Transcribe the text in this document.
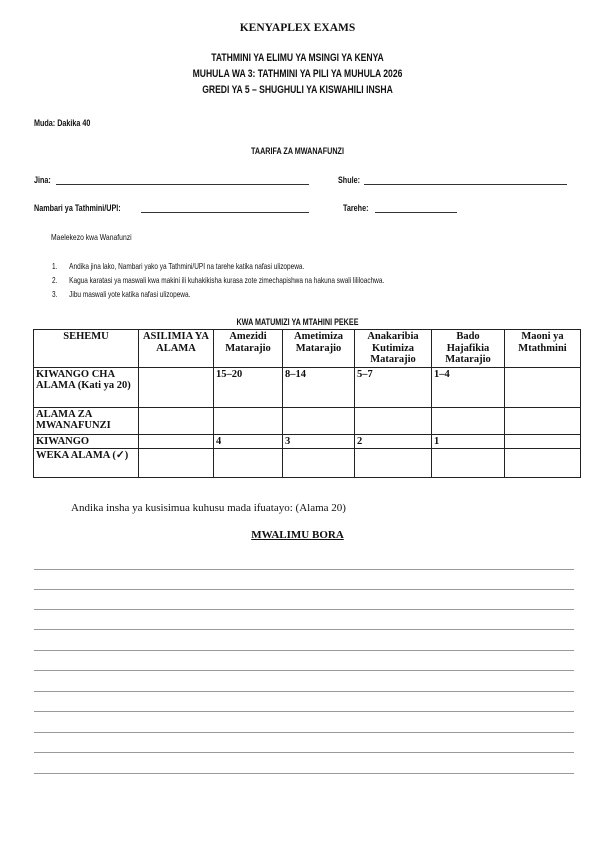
KENYAPLEX EXAMS
TATHMINI YA ELIMU YA MSINGI YA KENYA
MUHULA WA 3: TATHMINI YA PILI YA MUHULA 2026
GREDI YA 5 – SHUGHULI YA KISWAHILI INSHA
Muda: Dakika 40
TAARIFA ZA MWANAFUNZI
Jina:	Shule:
Nambari ya Tathmini/UPI:	Tarehe:
Maelekezo kwa Wanafunzi
1. Andika jina lako, Nambari yako ya Tathmini/UPI na tarehe katika nafasi ulizopewa.
2. Kagua karatasi ya maswali kwa makini ili kuhakikisha kurasa zote zimechapishwa na hakuna swali lililoachwa.
3. Jibu maswali yote katika nafasi ulizopewa.
KWA MATUMIZI YA MTAHINI PEKEE
SEHEMU	ASILIMIA YA ALAMA	Amezidi Matarajio	Ametimiza Matarajio	Anakaribia Kutimiza Matarajio	Bado Hajafikia Matarajio	Maoni ya Mtathmini
KIWANGO CHA ALAMA (Kati ya 20)		15–20	8–14	5–7	1–4	
ALAMA ZA MWANAFUNZI						
KIWANGO		4	3	2	1	
WEKA ALAMA (✓)						
Andika insha ya kusisimua kuhusu mada ifuatayo: (Alama 20)
MWALIMU BORA
